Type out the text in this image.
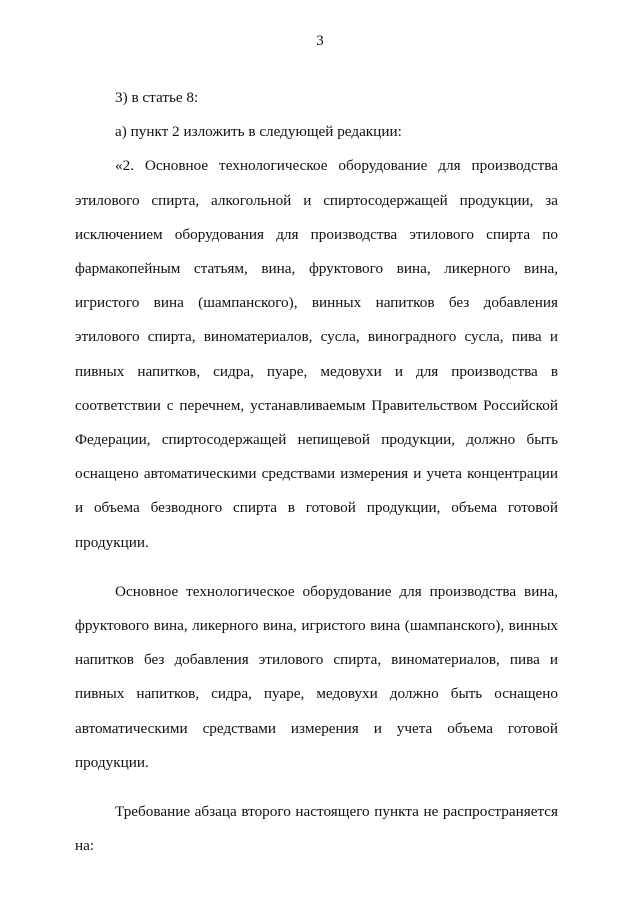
3

3) в статье 8:

а) пункт 2 изложить в следующей редакции:

«2. Основное технологическое оборудование для производства этилового спирта, алкогольной и спиртосодержащей продукции, за исключением оборудования для производства этилового спирта по фармакопейным статьям, вина, фруктового вина, ликерного вина, игристого вина (шампанского), винных напитков без добавления этилового спирта, виноматериалов, сусла, виноградного сусла, пива и пивных напитков, сидра, пуаре, медовухи и для производства в соответствии с перечнем, устанавливаемым Правительством Российской Федерации, спиртосодержащей непищевой продукции, должно быть оснащено автоматическими средствами измерения и учета концентрации и объема безводного спирта в готовой продукции, объема готовой продукции.

Основное технологическое оборудование для производства вина, фруктового вина, ликерного вина, игристого вина (шампанского), винных напитков без добавления этилового спирта, виноматериалов, пива и пивных напитков, сидра, пуаре, медовухи должно быть оснащено автоматическими средствами измерения и учета объема готовой продукции.

Требование абзаца второго настоящего пункта не распространяется на:
